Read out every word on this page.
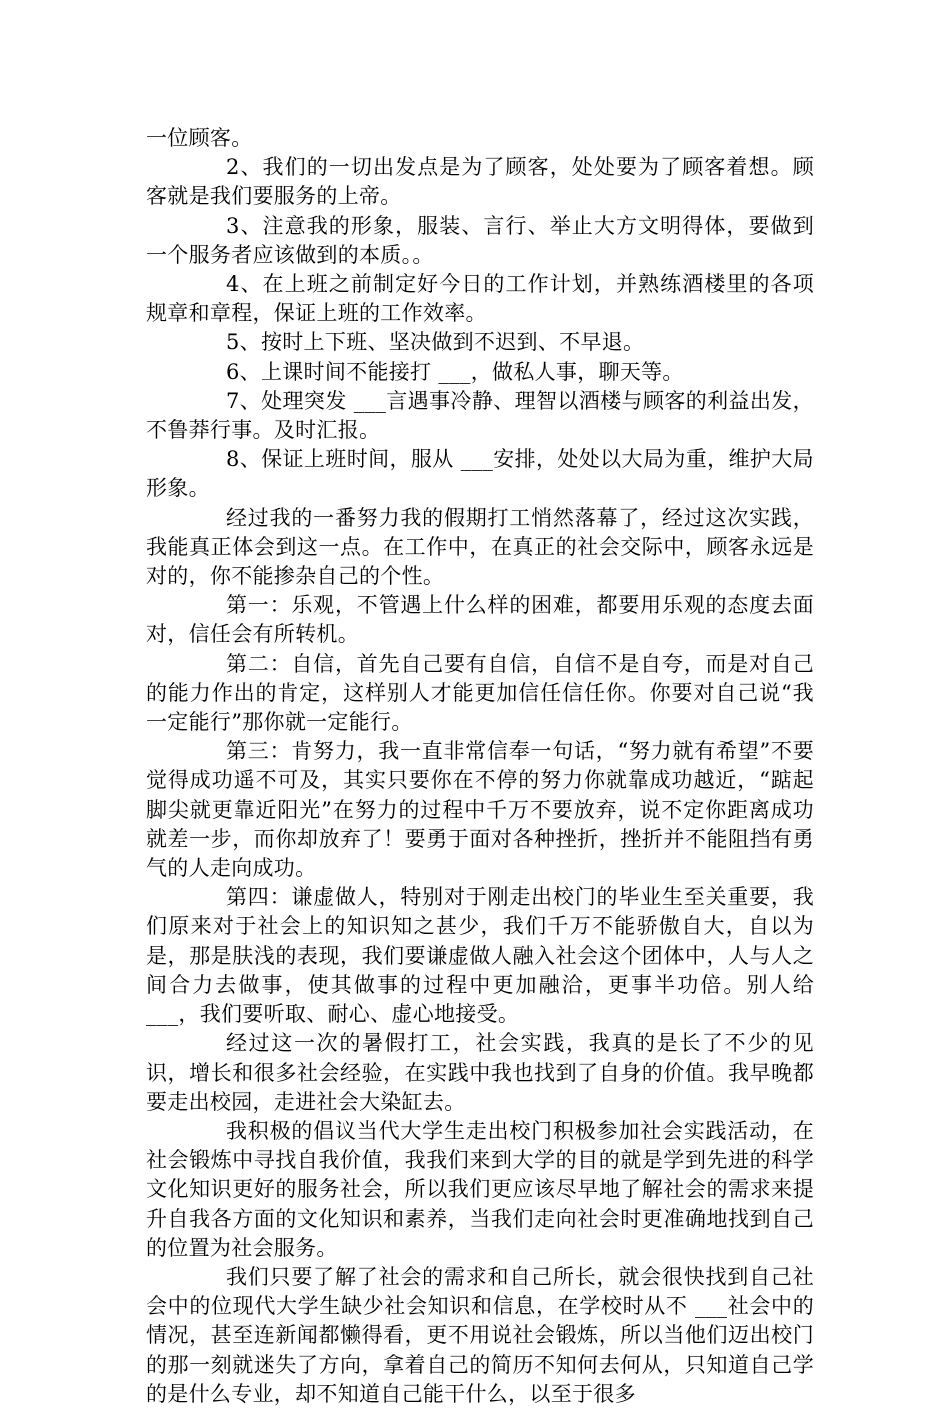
一位顾客。

2、我们的一切出发点是为了顾客，处处要为了顾客着想。顾客就是我们要服务的上帝。

3、注意我的形象，服装、言行、举止大方文明得体，要做到一个服务者应该做到的本质。。

4、在上班之前制定好今日的工作计划，并熟练酒楼里的各项规章和章程，保证上班的工作效率。

5、按时上下班、坚决做到不迟到、不早退。

6、上课时间不能接打 ___，做私人事，聊天等。

7、处理突发 ___言遇事冷静、理智以酒楼与顾客的利益出发，不鲁莽行事。及时汇报。

8、保证上班时间，服从 ___安排，处处以大局为重，维护大局形象。

经过我的一番努力我的假期打工悄然落幕了，经过这次实践，我能真正体会到这一点。在工作中，在真正的社会交际中，顾客永远是对的，你不能掺杂自己的个性。

第一：乐观，不管遇上什么样的困难，都要用乐观的态度去面对，信任会有所转机。

第二：自信，首先自己要有自信，自信不是自夸，而是对自己的能力作出的肯定，这样别人才能更加信任信任你。你要对自己说“我一定能行”那你就一定能行。

第三：肯努力，我一直非常信奉一句话，“努力就有希望”不要觉得成功遥不可及，其实只要你在不停的努力你就靠成功越近，“踮起脚尖就更靠近阳光”在努力的过程中千万不要放弃，说不定你距离成功就差一步，而你却放弃了！要勇于面对各种挫折，挫折并不能阻挡有勇气的人走向成功。

第四：谦虚做人，特别对于刚走出校门的毕业生至关重要，我们原来对于社会上的知识知之甚少，我们千万不能骄傲自大，自以为是，那是肤浅的表现，我们要谦虚做人融入社会这个团体中，人与人之间合力去做事，使其做事的过程中更加融洽，更事半功倍。别人给 ___，我们要听取、耐心、虚心地接受。

经过这一次的暑假打工，社会实践，我真的是长了不少的见识，增长和很多社会经验，在实践中我也找到了自身的价值。我早晚都要走出校园，走进社会大染缸去。

我积极的倡议当代大学生走出校门积极参加社会实践活动，在社会锻炼中寻找自我价值，我我们来到大学的目的就是学到先进的科学文化知识更好的服务社会，所以我们更应该尽早地了解社会的需求来提升自我各方面的文化知识和素养，当我们走向社会时更准确地找到自己的位置为社会服务。

我们只要了解了社会的需求和自己所长，就会很快找到自己社会中的位现代大学生缺少社会知识和信息，在学校时从不 ___社会中的情况，甚至连新闻都懒得看，更不用说社会锻炼，所以当他们迈出校门的那一刻就迷失了方向，拿着自己的简历不知何去何从，只知道自己学的是什么专业，却不知道自己能干什么，以至于很多
